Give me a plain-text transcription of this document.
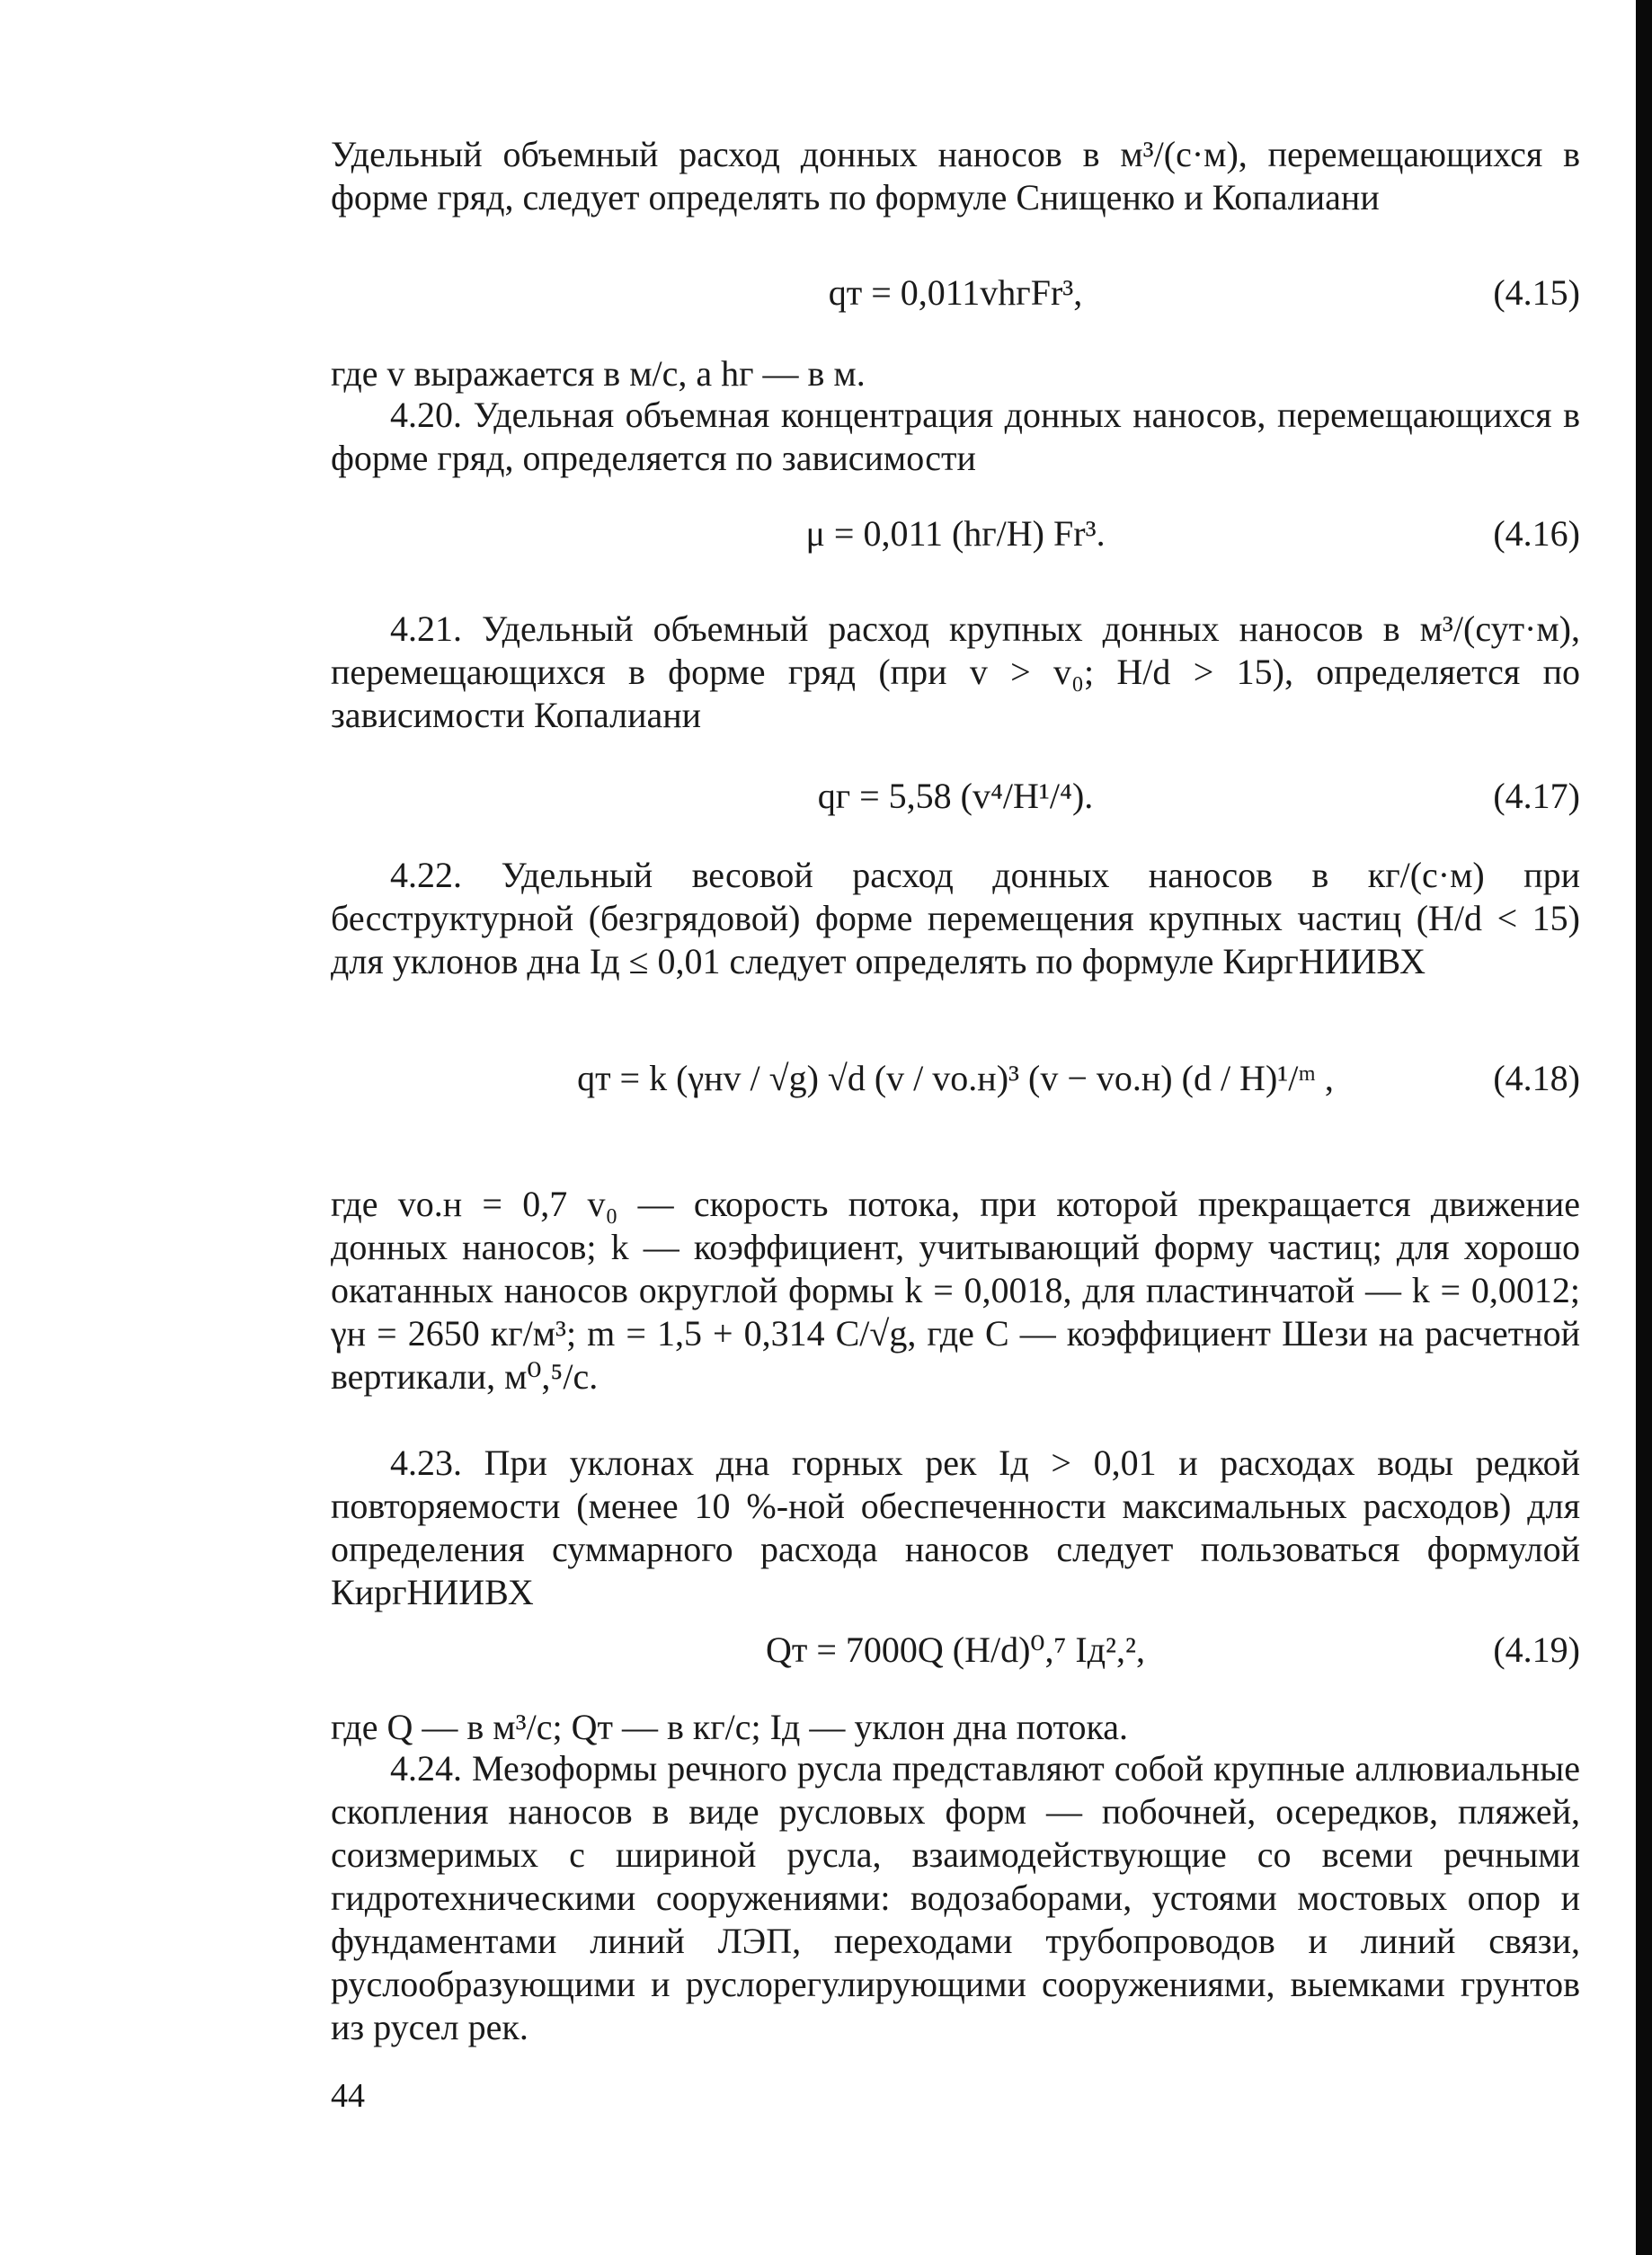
Удельный объемный расход донных наносов в м³/(с·м), перемещающихся в форме гряд, следует определять по формуле Снищенко и Копалиани
qт = 0,011vhгFr³,	(4.15)
где v выражается в м/с, а hг — в м.
4.20. Удельная объемная концентрация донных наносов, перемещающихся в форме гряд, определяется по зависимости
μ = 0,011 (hг/H) Fr³.	(4.16)
4.21. Удельный объемный расход крупных донных наносов в м³/(сут·м), перемещающихся в форме гряд (при v > v₀; H/d > 15), определяется по зависимости Копалиани
qг = 5,58 (v⁴/H¹/⁴).	(4.17)
4.22. Удельный весовой расход донных наносов в кг/(с·м) при бесструктурной (безгрядовой) форме перемещения крупных частиц (H/d < 15) для уклонов дна Iд ≤ 0,01 следует определять по формуле КиргНИИВХ
qт = k (γнv / √g) √d (v / vо.н)³ (v − vо.н) (d / H)¹/ᵐ ,	(4.18)
где vо.н = 0,7 v₀ — скорость потока, при которой прекращается движение донных наносов; k — коэффициент, учитывающий форму частиц; для хорошо окатанных наносов округлой формы k = 0,0018, для пластинчатой — k = 0,0012; γн = 2650 кг/м³; m = 1,5 + 0,314 C/√g, где C — коэффициент Шези на расчетной вертикали, м⁰,⁵/с.
4.23. При уклонах дна горных рек Iд > 0,01 и расходах воды редкой повторяемости (менее 10 %-ной обеспеченности максимальных расходов) для определения суммарного расхода наносов следует пользоваться формулой КиргНИИВХ
Qт = 7000Q (H/d)⁰,⁷ Iд²,²,	(4.19)
где Q — в м³/с; Qт — в кг/с; Iд — уклон дна потока.
4.24. Мезоформы речного русла представляют собой крупные аллювиальные скопления наносов в виде русловых форм — побочней, осередков, пляжей, соизмеримых с шириной русла, взаимодействующие со всеми речными гидротехническими сооружениями: водозаборами, устоями мостовых опор и фундаментами линий ЛЭП, переходами трубопроводов и линий связи, руслообразующими и руслорегулирующими сооружениями, выемками грунтов из русел рек.
44
